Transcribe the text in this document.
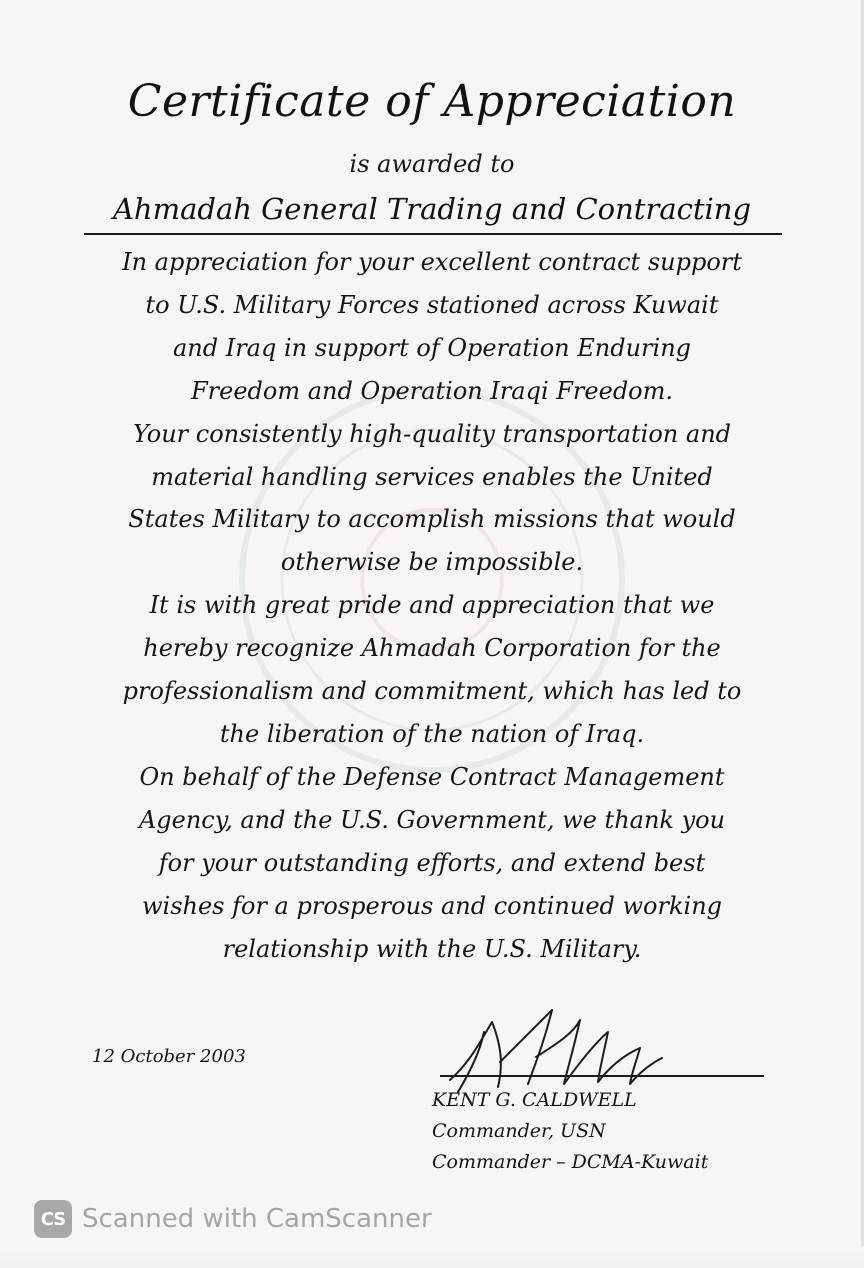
Certificate of Appreciation
is awarded to
Ahmadah General Trading and Contracting
In appreciation for your excellent contract support
to U.S. Military Forces stationed across Kuwait
and Iraq in support of Operation Enduring
Freedom and Operation Iraqi Freedom.
Your consistently high-quality transportation and
material handling services enables the United
States Military to accomplish missions that would
otherwise be impossible.
It is with great pride and appreciation that we
hereby recognize Ahmadah Corporation for the
professionalism and commitment, which has led to
the liberation of the nation of Iraq.
On behalf of the Defense Contract Management
Agency, and the U.S. Government, we thank you
for your outstanding efforts, and extend best
wishes for a prosperous and continued working
relationship with the U.S. Military.
12 October 2003
KENT G. CALDWELL
Commander, USN
Commander – DCMA-Kuwait
CS Scanned with CamScanner
